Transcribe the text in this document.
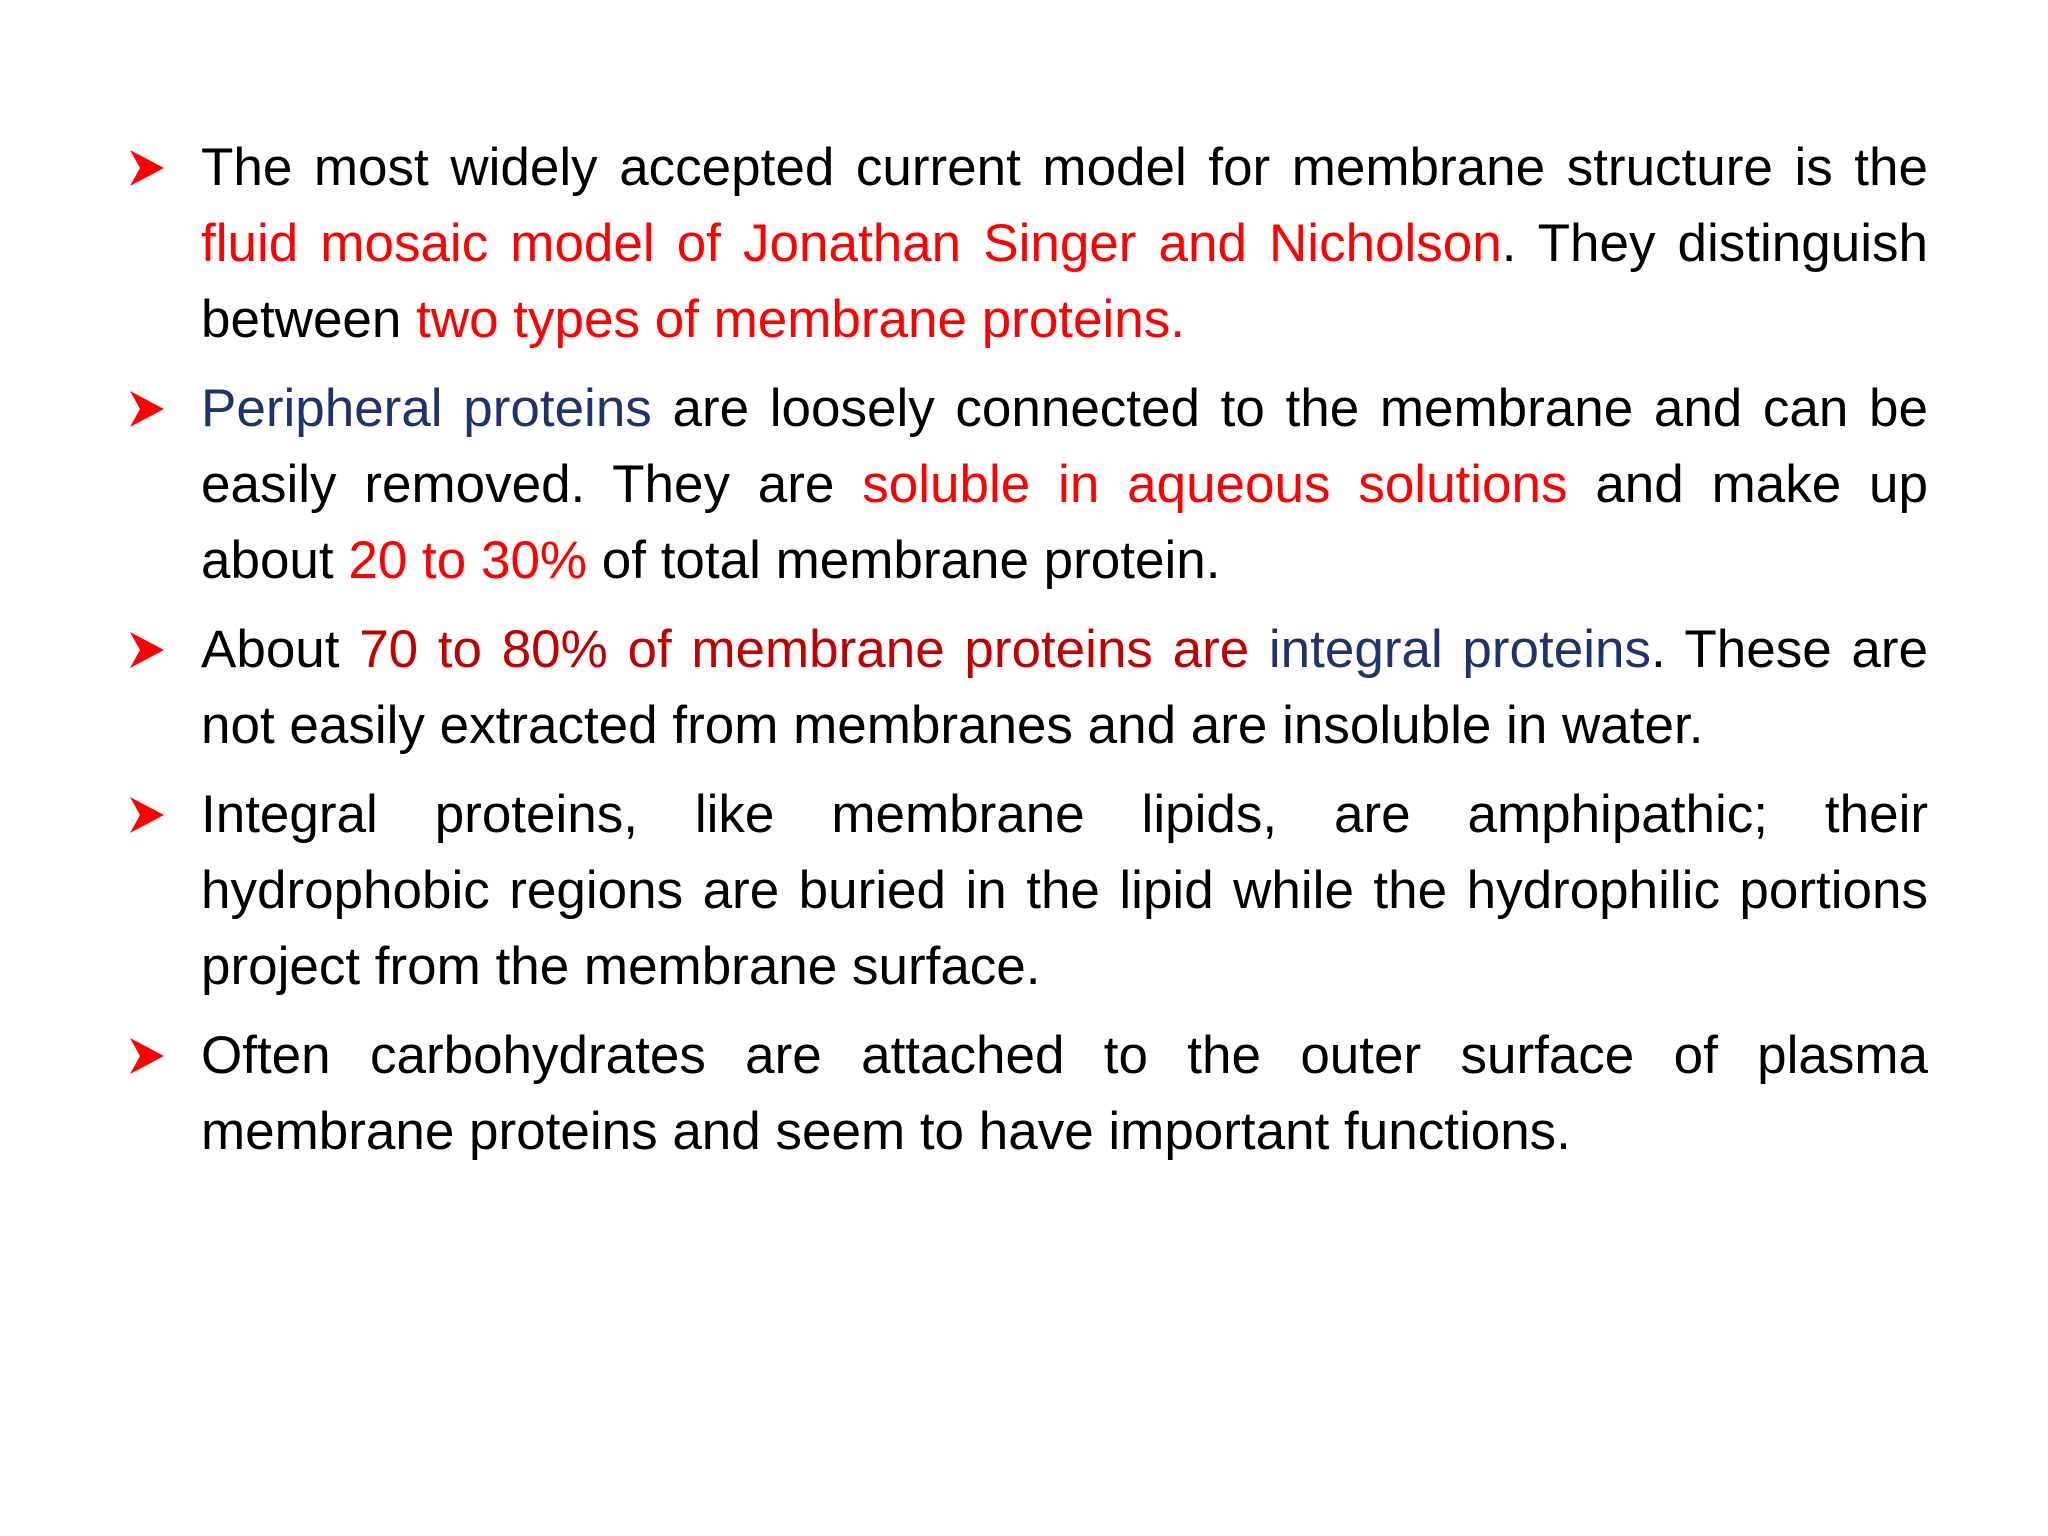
The most widely accepted current model for membrane structure is the fluid mosaic model of Jonathan Singer and Nicholson. They distinguish between two types of membrane proteins.
Peripheral proteins are loosely connected to the membrane and can be easily removed. They are soluble in aqueous solutions and make up about 20 to 30% of total membrane protein.
About 70 to 80% of membrane proteins are integral proteins. These are not easily extracted from membranes and are insoluble in water.
Integral proteins, like membrane lipids, are amphipathic; their hydrophobic regions are buried in the lipid while the hydrophilic portions project from the membrane surface.
Often carbohydrates are attached to the outer surface of plasma membrane proteins and seem to have important functions.
